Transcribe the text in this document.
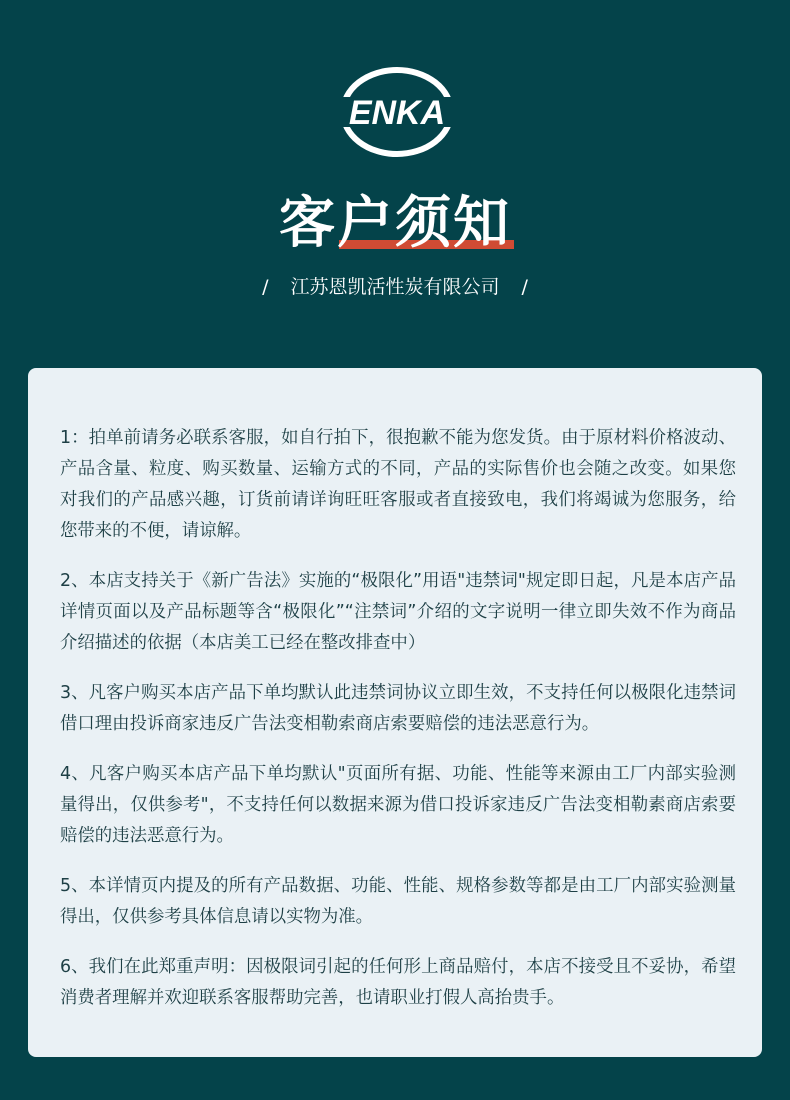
ENKA
客户须知
/ 江苏恩凯活性炭有限公司 /

1：拍单前请务必联系客服，如自行拍下，很抱歉不能为您发货。由于原材料价格波动、产品含量、粒度、购买数量、运输方式的不同，产品的实际售价也会随之改变。如果您对我们的产品感兴趣，订货前请详询旺旺客服或者直接致电，我们将竭诚为您服务，给您带来的不便，请谅解。

2、本店支持关于《新广告法》实施的“极限化”用语"违禁词"规定即日起，凡是本店产品详情页面以及产品标题等含“极限化”“注禁词”介绍的文字说明一律立即失效不作为商品介绍描述的依据（本店美工已经在整改排查中）

3、凡客户购买本店产品下单均默认此违禁词协议立即生效，不支持任何以极限化违禁词借口理由投诉商家违反广告法变相勒索商店索要赔偿的违法恶意行为。

4、凡客户购买本店产品下单均默认"页面所有据、功能、性能等来源由工厂内部实验测量得出，仅供参考"，不支持任何以数据来源为借口投诉家违反广告法变相勒素商店索要赔偿的违法恶意行为。

5、本详情页内提及的所有产品数据、功能、性能、规格参数等都是由工厂内部实验测量得出，仅供参考具体信息请以实物为准。

6、我们在此郑重声明：因极限词引起的任何形上商品赔付，本店不接受且不妥协，希望消费者理解并欢迎联系客服帮助完善，也请职业打假人高抬贵手。
